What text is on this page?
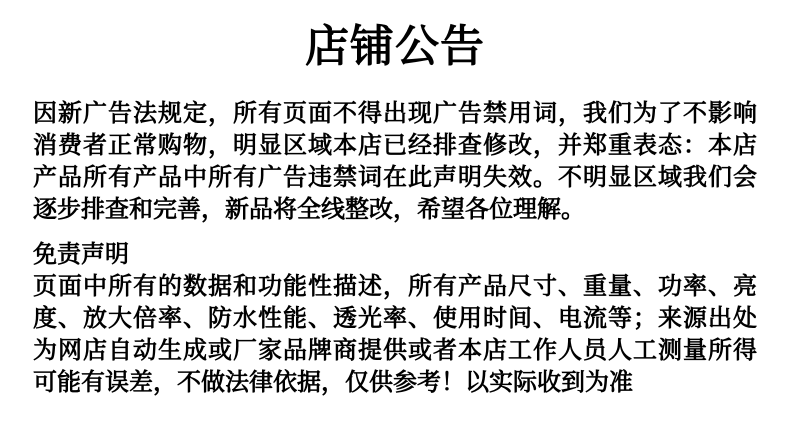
店铺公告
因新广告法规定，所有页面不得出现广告禁用词，我们为了不影响
消费者正常购物，明显区域本店已经排查修改，并郑重表态：本店
产品所有产品中所有广告违禁词在此声明失效。不明显区域我们会
逐步排查和完善，新品将全线整改，希望各位理解。
免责声明
页面中所有的数据和功能性描述，所有产品尺寸、重量、功率、亮
度、放大倍率、防水性能、透光率、使用时间、电流等；来源出处
为网店自动生成或厂家品牌商提供或者本店工作人员人工测量所得
可能有误差，不做法律依据，仅供参考！以实际收到为准
